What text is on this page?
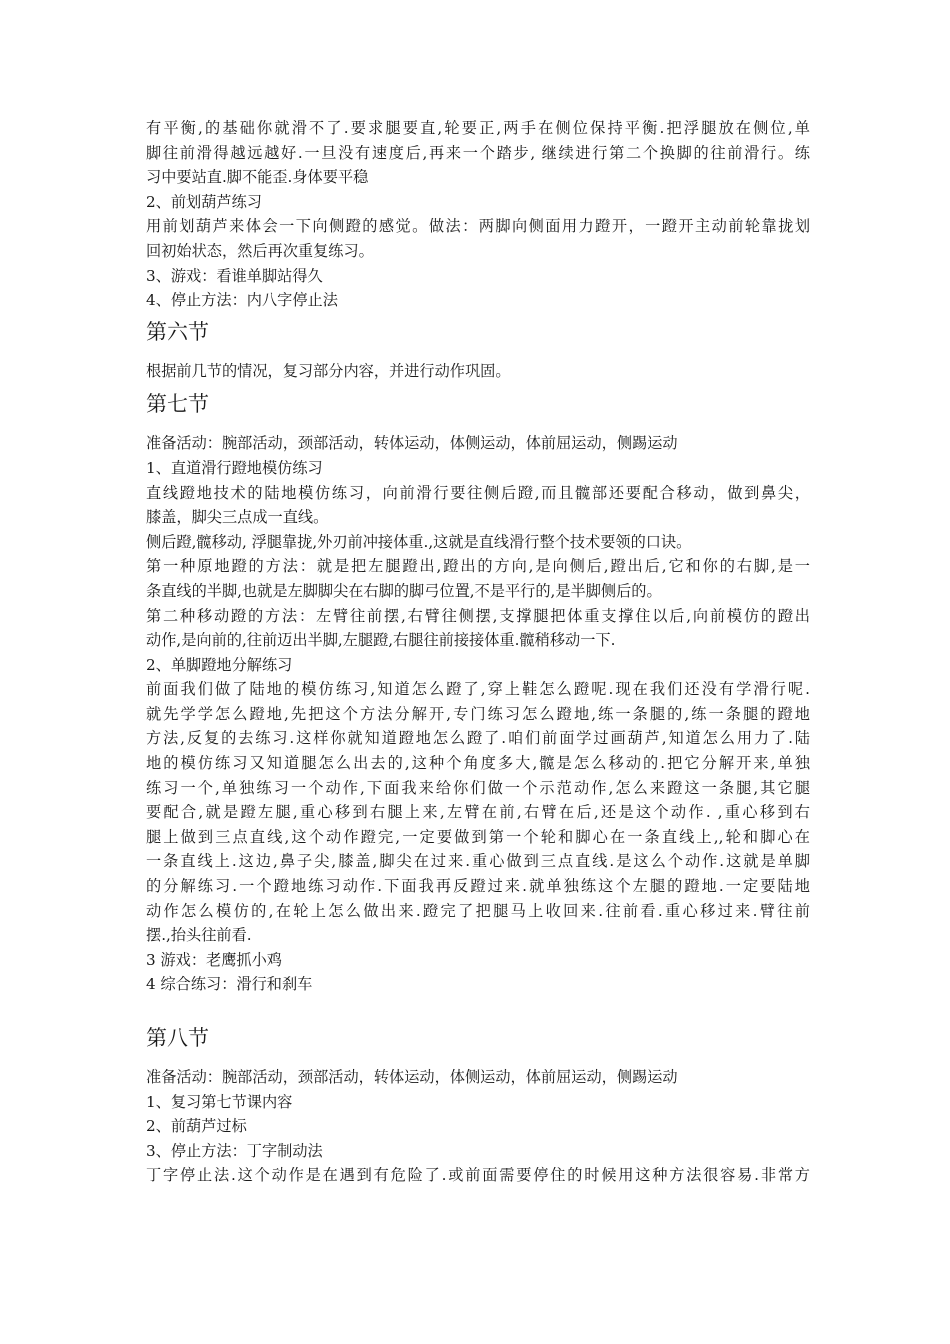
有平衡,的基础你就滑不了.要求腿要直,轮要正,两手在侧位保持平衡.把浮腿放在侧位,单
脚往前滑得越远越好.一旦没有速度后,再来一个踏步, 继续进行第二个换脚的往前滑行。练
习中要站直.脚不能歪.身体要平稳
2、前划葫芦练习
用前划葫芦来体会一下向侧蹬的感觉。做法：两脚向侧面用力蹬开，一蹬开主动前轮靠拢划
回初始状态，然后再次重复练习。
3、游戏：看谁单脚站得久
4、停止方法：内八字停止法
第六节
根据前几节的情况，复习部分内容，并进行动作巩固。
第七节
准备活动：腕部活动，颈部活动，转体运动，体侧运动，体前屈运动，侧踢运动
1、直道滑行蹬地模仿练习
直线蹬地技术的陆地模仿练习，向前滑行要往侧后蹬,而且髋部还要配合移动，做到鼻尖，
膝盖，脚尖三点成一直线。
侧后蹬,髋移动, 浮腿靠拢,外刃前冲接体重.,这就是直线滑行整个技术要领的口诀。
第一种原地蹬的方法：就是把左腿蹬出,蹬出的方向,是向侧后,蹬出后,它和你的右脚,是一
条直线的半脚,也就是左脚脚尖在右脚的脚弓位置,不是平行的,是半脚侧后的。
第二种移动蹬的方法：左臂往前摆,右臂往侧摆,支撑腿把体重支撑住以后,向前模仿的蹬出
动作,是向前的,往前迈出半脚,左腿蹬,右腿往前接接体重.髋稍移动一下.
2、单脚蹬地分解练习
前面我们做了陆地的模仿练习,知道怎么蹬了,穿上鞋怎么蹬呢.现在我们还没有学滑行呢.
就先学学怎么蹬地,先把这个方法分解开,专门练习怎么蹬地,练一条腿的,练一条腿的蹬地
方法,反复的去练习.这样你就知道蹬地怎么蹬了.咱们前面学过画葫芦,知道怎么用力了.陆
地的模仿练习又知道腿怎么出去的,这种个角度多大,髋是怎么移动的.把它分解开来,单独
练习一个,单独练习一个动作,下面我来给你们做一个示范动作,怎么来蹬这一条腿,其它腿
要配合,就是蹬左腿,重心移到右腿上来,左臂在前,右臂在后,还是这个动作. ,重心移到右
腿上做到三点直线,这个动作蹬完,一定要做到第一个轮和脚心在一条直线上,,轮和脚心在
一条直线上.这边,鼻子尖,膝盖,脚尖在过来.重心做到三点直线.是这么个动作.这就是单脚
的分解练习.一个蹬地练习动作.下面我再反蹬过来.就单独练这个左腿的蹬地.一定要陆地
动作怎么模仿的,在轮上怎么做出来.蹬完了把腿马上收回来.往前看.重心移过来.臂往前
摆.,抬头往前看.
3 游戏：老鹰抓小鸡
4 综合练习：滑行和刹车
第八节
准备活动：腕部活动，颈部活动，转体运动，体侧运动，体前屈运动，侧踢运动
1、复习第七节课内容
2、前葫芦过标
3、停止方法：丁字制动法
丁字停止法.这个动作是在遇到有危险了.或前面需要停住的时候用这种方法很容易.非常方
